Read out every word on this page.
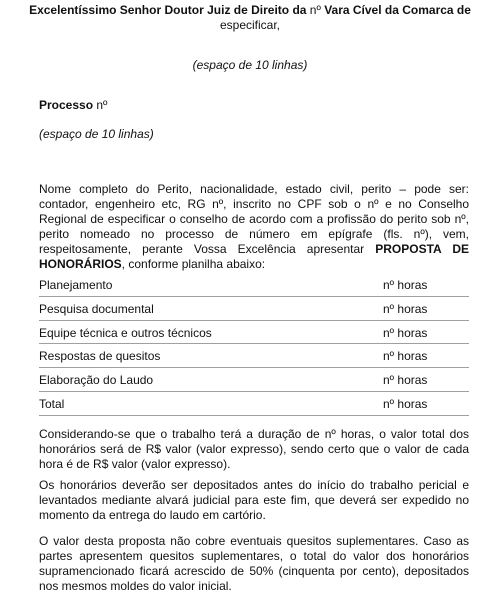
Excelentíssimo Senhor Doutor Juiz de Direito da nº Vara Cível da Comarca de
especificar,
(espaço de 10 linhas)
Processo nº
(espaço de 10 linhas)
Nome completo do Perito, nacionalidade, estado civil, perito – pode ser: contador, engenheiro etc, RG nº, inscrito no CPF sob o nº e no Conselho Regional de especificar o conselho de acordo com a profissão do perito sob nº, perito nomeado no processo de número em epígrafe (fls. nº), vem, respeitosamente, perante Vossa Excelência apresentar PROPOSTA DE HONORÁRIOS, conforme planilha abaixo:
Planejamento	nº horas
Pesquisa documental	nº horas
Equipe técnica e outros técnicos	nº horas
Respostas de quesitos	nº horas
Elaboração do Laudo	nº horas
Total	nº horas
Considerando-se que o trabalho terá a duração de nº horas, o valor total dos honorários será de R$ valor (valor expresso), sendo certo que o valor de cada hora é de R$ valor (valor expresso).
Os honorários deverão ser depositados antes do início do trabalho pericial e levantados mediante alvará judicial para este fim, que deverá ser expedido no momento da entrega do laudo em cartório.
O valor desta proposta não cobre eventuais quesitos suplementares. Caso as partes apresentem quesitos suplementares, o total do valor dos honorários supramencionado ficará acrescido de 50% (cinquenta por cento), depositados nos mesmos moldes do valor inicial.
